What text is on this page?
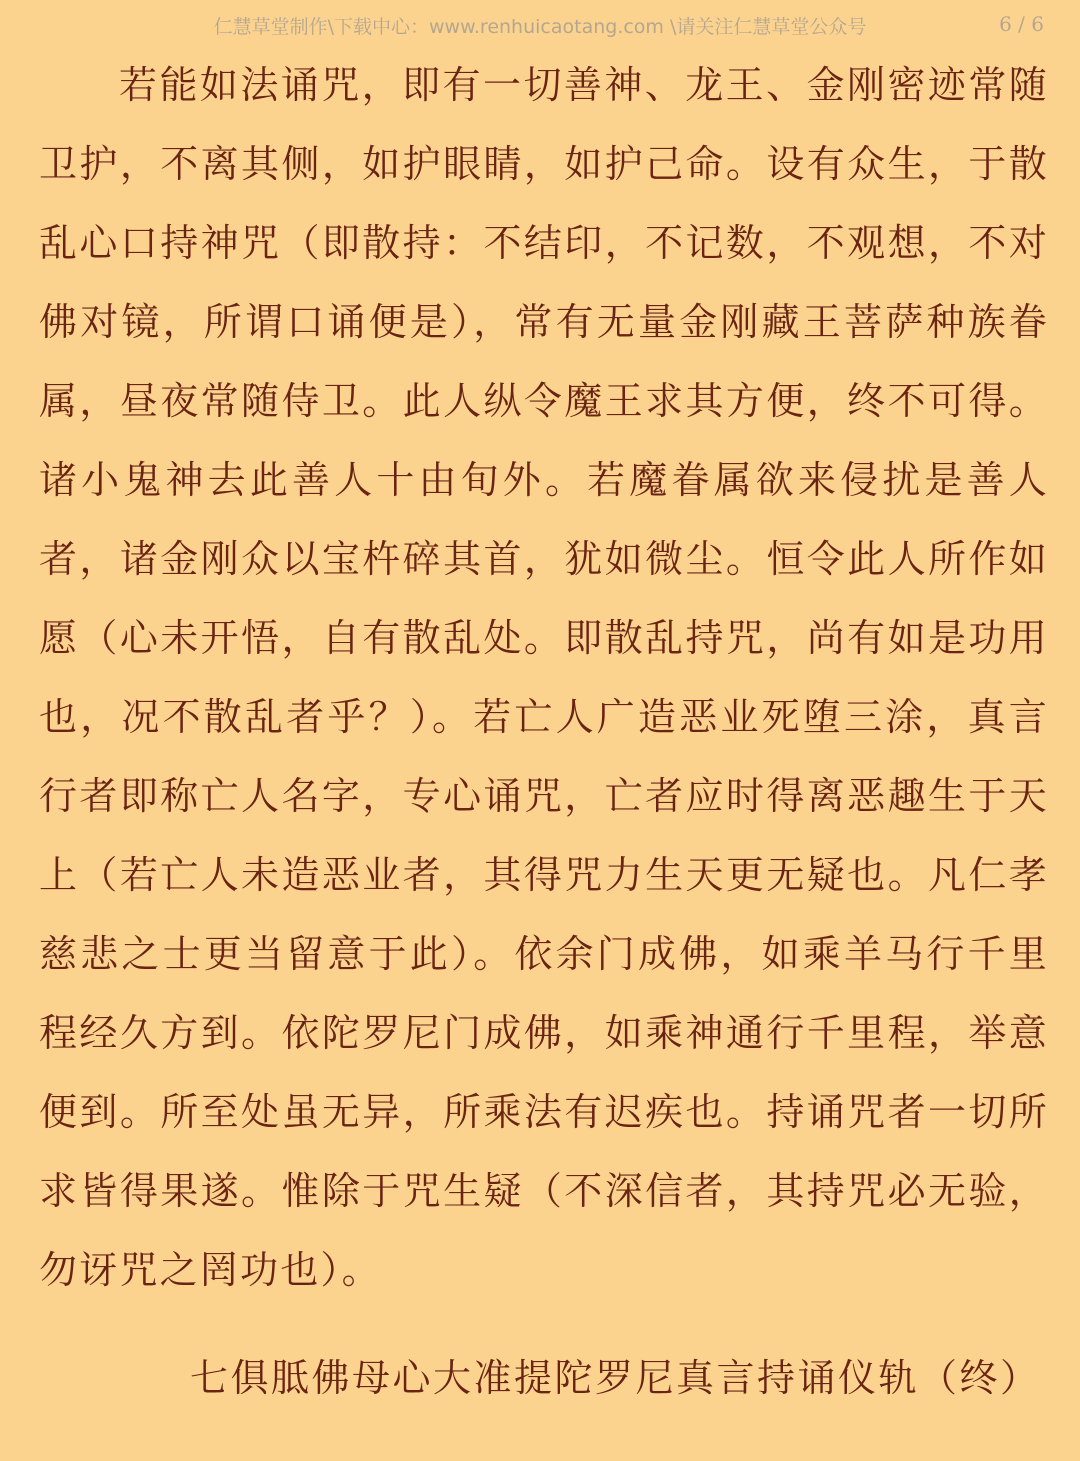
仁慧草堂制作\下载中心：www.renhuicaotang.com \请关注仁慧草堂公众号	6 / 6

若能如法诵咒，即有一切善神、龙王、金刚密迹常随卫护，不离其侧，如护眼睛，如护己命。设有众生，于散乱心口持神咒（即散持：不结印，不记数，不观想，不对佛对镜，所谓口诵便是），常有无量金刚藏王菩萨种族眷属，昼夜常随侍卫。此人纵令魔王求其方便，终不可得。诸小鬼神去此善人十由旬外。若魔眷属欲来侵扰是善人者，诸金刚众以宝杵碎其首，犹如微尘。恒令此人所作如愿（心未开悟，自有散乱处。即散乱持咒，尚有如是功用也，况不散乱者乎？）。若亡人广造恶业死堕三涂，真言行者即称亡人名字，专心诵咒，亡者应时得离恶趣生于天上（若亡人未造恶业者，其得咒力生天更无疑也。凡仁孝慈悲之士更当留意于此）。依余门成佛，如乘羊马行千里程经久方到。依陀罗尼门成佛，如乘神通行千里程，举意便到。所至处虽无异，所乘法有迟疾也。持诵咒者一切所求皆得果遂。惟除于咒生疑（不深信者，其持咒必无验，勿讶咒之罔功也）。

七俱胝佛母心大准提陀罗尼真言持诵仪轨（终）
